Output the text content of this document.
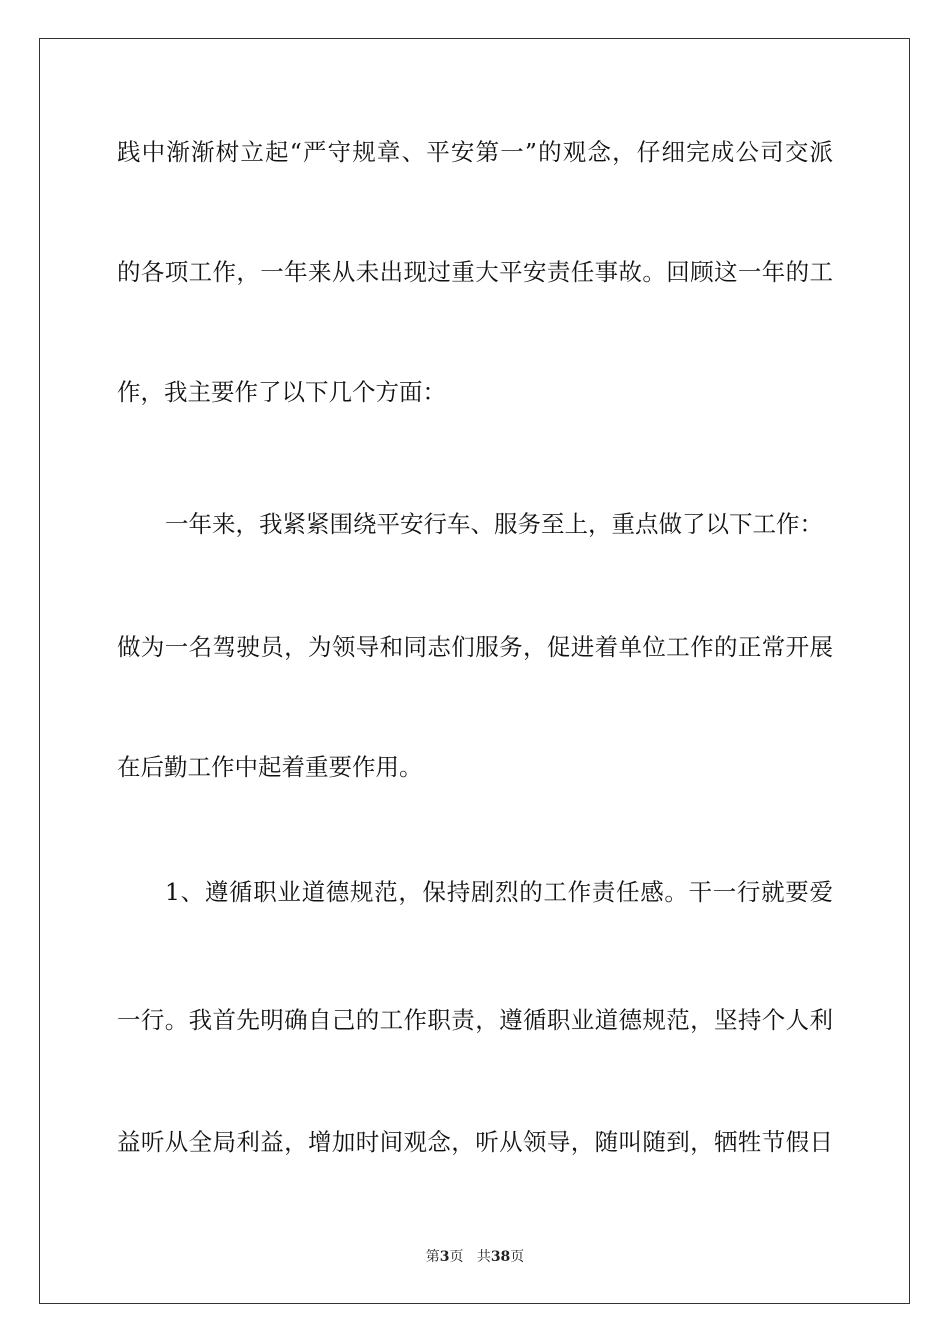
践中渐渐树立起“严守规章、平安第一”的观念，仔细完成公司交派
的各项工作，一年来从未出现过重大平安责任事故。回顾这一年的工
作，我主要作了以下几个方面：
一年来，我紧紧围绕平安行车、服务至上，重点做了以下工作：
做为一名驾驶员，为领导和同志们服务，促进着单位工作的正常开展
在后勤工作中起着重要作用。
1、遵循职业道德规范，保持剧烈的工作责任感。干一行就要爱
一行。我首先明确自己的工作职责，遵循职业道德规范，坚持个人利
益听从全局利益，增加时间观念，听从领导，随叫随到，牺牲节假日
第3页 共38页
